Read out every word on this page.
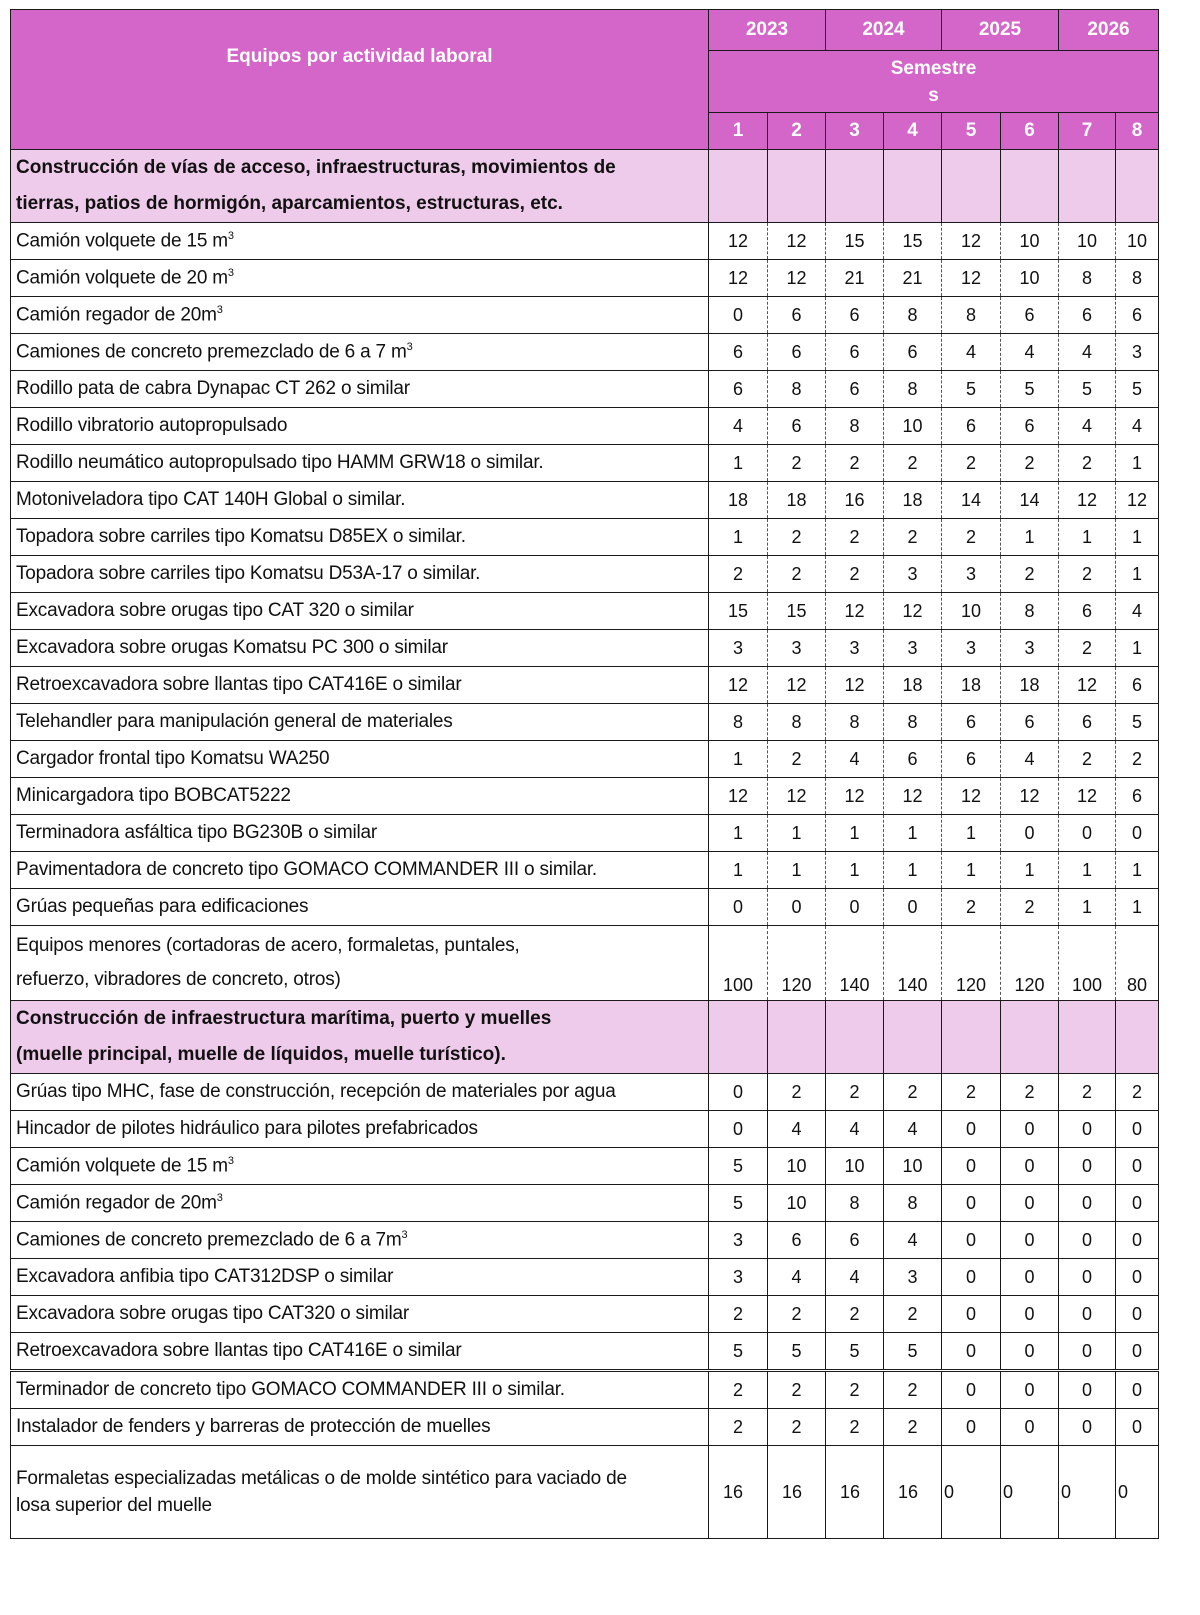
Equipos por actividad laboral	2023		2024		2025		2026	
	Semestre
s							
	1	2	3	4	5	6	7	8
Construcción de vías de acceso, infraestructuras, movimientos de
tierras, patios de hormigón, aparcamientos, estructuras, etc.								
Camión volquete de 15 $m^3$	12	12	15	15	12	10	10	10
Camión volquete de 20 $m^3$	12	12	21	21	12	10	8	8
Camión regador de $20m^3$	0	6	6	8	8	6	6	6
Camiones de concreto premezclado de 6 a 7 $m^3$	6	6	6	6	4	4	4	3
Rodillo pata de cabra Dynapac CT 262 o similar	6	8	6	8	5	5	5	5
Rodillo vibratorio autopropulsado	4	6	8	10	6	6	4	4
Rodillo neumático autopropulsado tipo HAMM GRW18 o similar.	1	2	2	2	2	2	2	1
Motoniveladora tipo CAT 140H Global o similar.	18	18	16	18	14	14	12	12
Topadora sobre carriles tipo Komatsu D85EX o similar.	1	2	2	2	2	1	1	1
Topadora sobre carriles tipo Komatsu D53A-17 o similar.	2	2	2	3	3	2	2	1
Excavadora sobre orugas tipo CAT 320 o similar	15	15	12	12	10	8	6	4
Excavadora sobre orugas Komatsu PC 300 o similar	3	3	3	3	3	3	2	1
Retroexcavadora sobre llantas tipo CAT416E o similar	12	12	12	18	18	18	12	6
Telehandler para manipulación general de materiales	8	8	8	8	6	6	6	5
Cargador frontal tipo Komatsu WA250	1	2	4	6	6	4	2	2
Minicargadora tipo BOBCAT5222	12	12	12	12	12	12	12	6
Terminadora asfáltica tipo BG230B o similar	1	1	1	1	1	0	0	0
Pavimentadora de concreto tipo GOMACO COMMANDER III o similar.	1	1	1	1	1	1	1	1
Grúas pequeñas para edificaciones	0	0	0	0	2	2	1	1
Equipos menores (cortadoras de acero, formaletas, puntales,
refuerzo, vibradores de concreto, otros)	100	120	140	140	120	120	100	80
Construcción de infraestructura marítima, puerto y muelles
(muelle principal, muelle de líquidos, muelle turístico).								
Grúas tipo MHC, fase de construcción, recepción de materiales por agua	0	2	2	2	2	2	2	2
Hincador de pilotes hidráulico para pilotes prefabricados	0	4	4	4	0	0	0	0
Camión volquete de 15 $m^3$	5	10	10	10	0	0	0	0
Camión regador de $20m^3$	5	10	8	8	0	0	0	0
Camiones de concreto premezclado de 6 a $7m^3$	3	6	6	4	0	0	0	0
Excavadora anfibia tipo CAT312DSP o similar	3	4	4	3	0	0	0	0
Excavadora sobre orugas tipo CAT320 o similar	2	2	2	2	0	0	0	0
Retroexcavadora sobre llantas tipo CAT416E o similar	5	5	5	5	0	0	0	0
Terminador de concreto tipo GOMACO COMMANDER III o similar.	2	2	2	2	0	0	0	0
Instalador de fenders y barreras de protección de muelles	2	2	2	2	0	0	0	0
Formaletas especializadas metálicas o de molde sintético para vaciado de
losa superior del muelle	16	16	16	16	0	0	0	0
